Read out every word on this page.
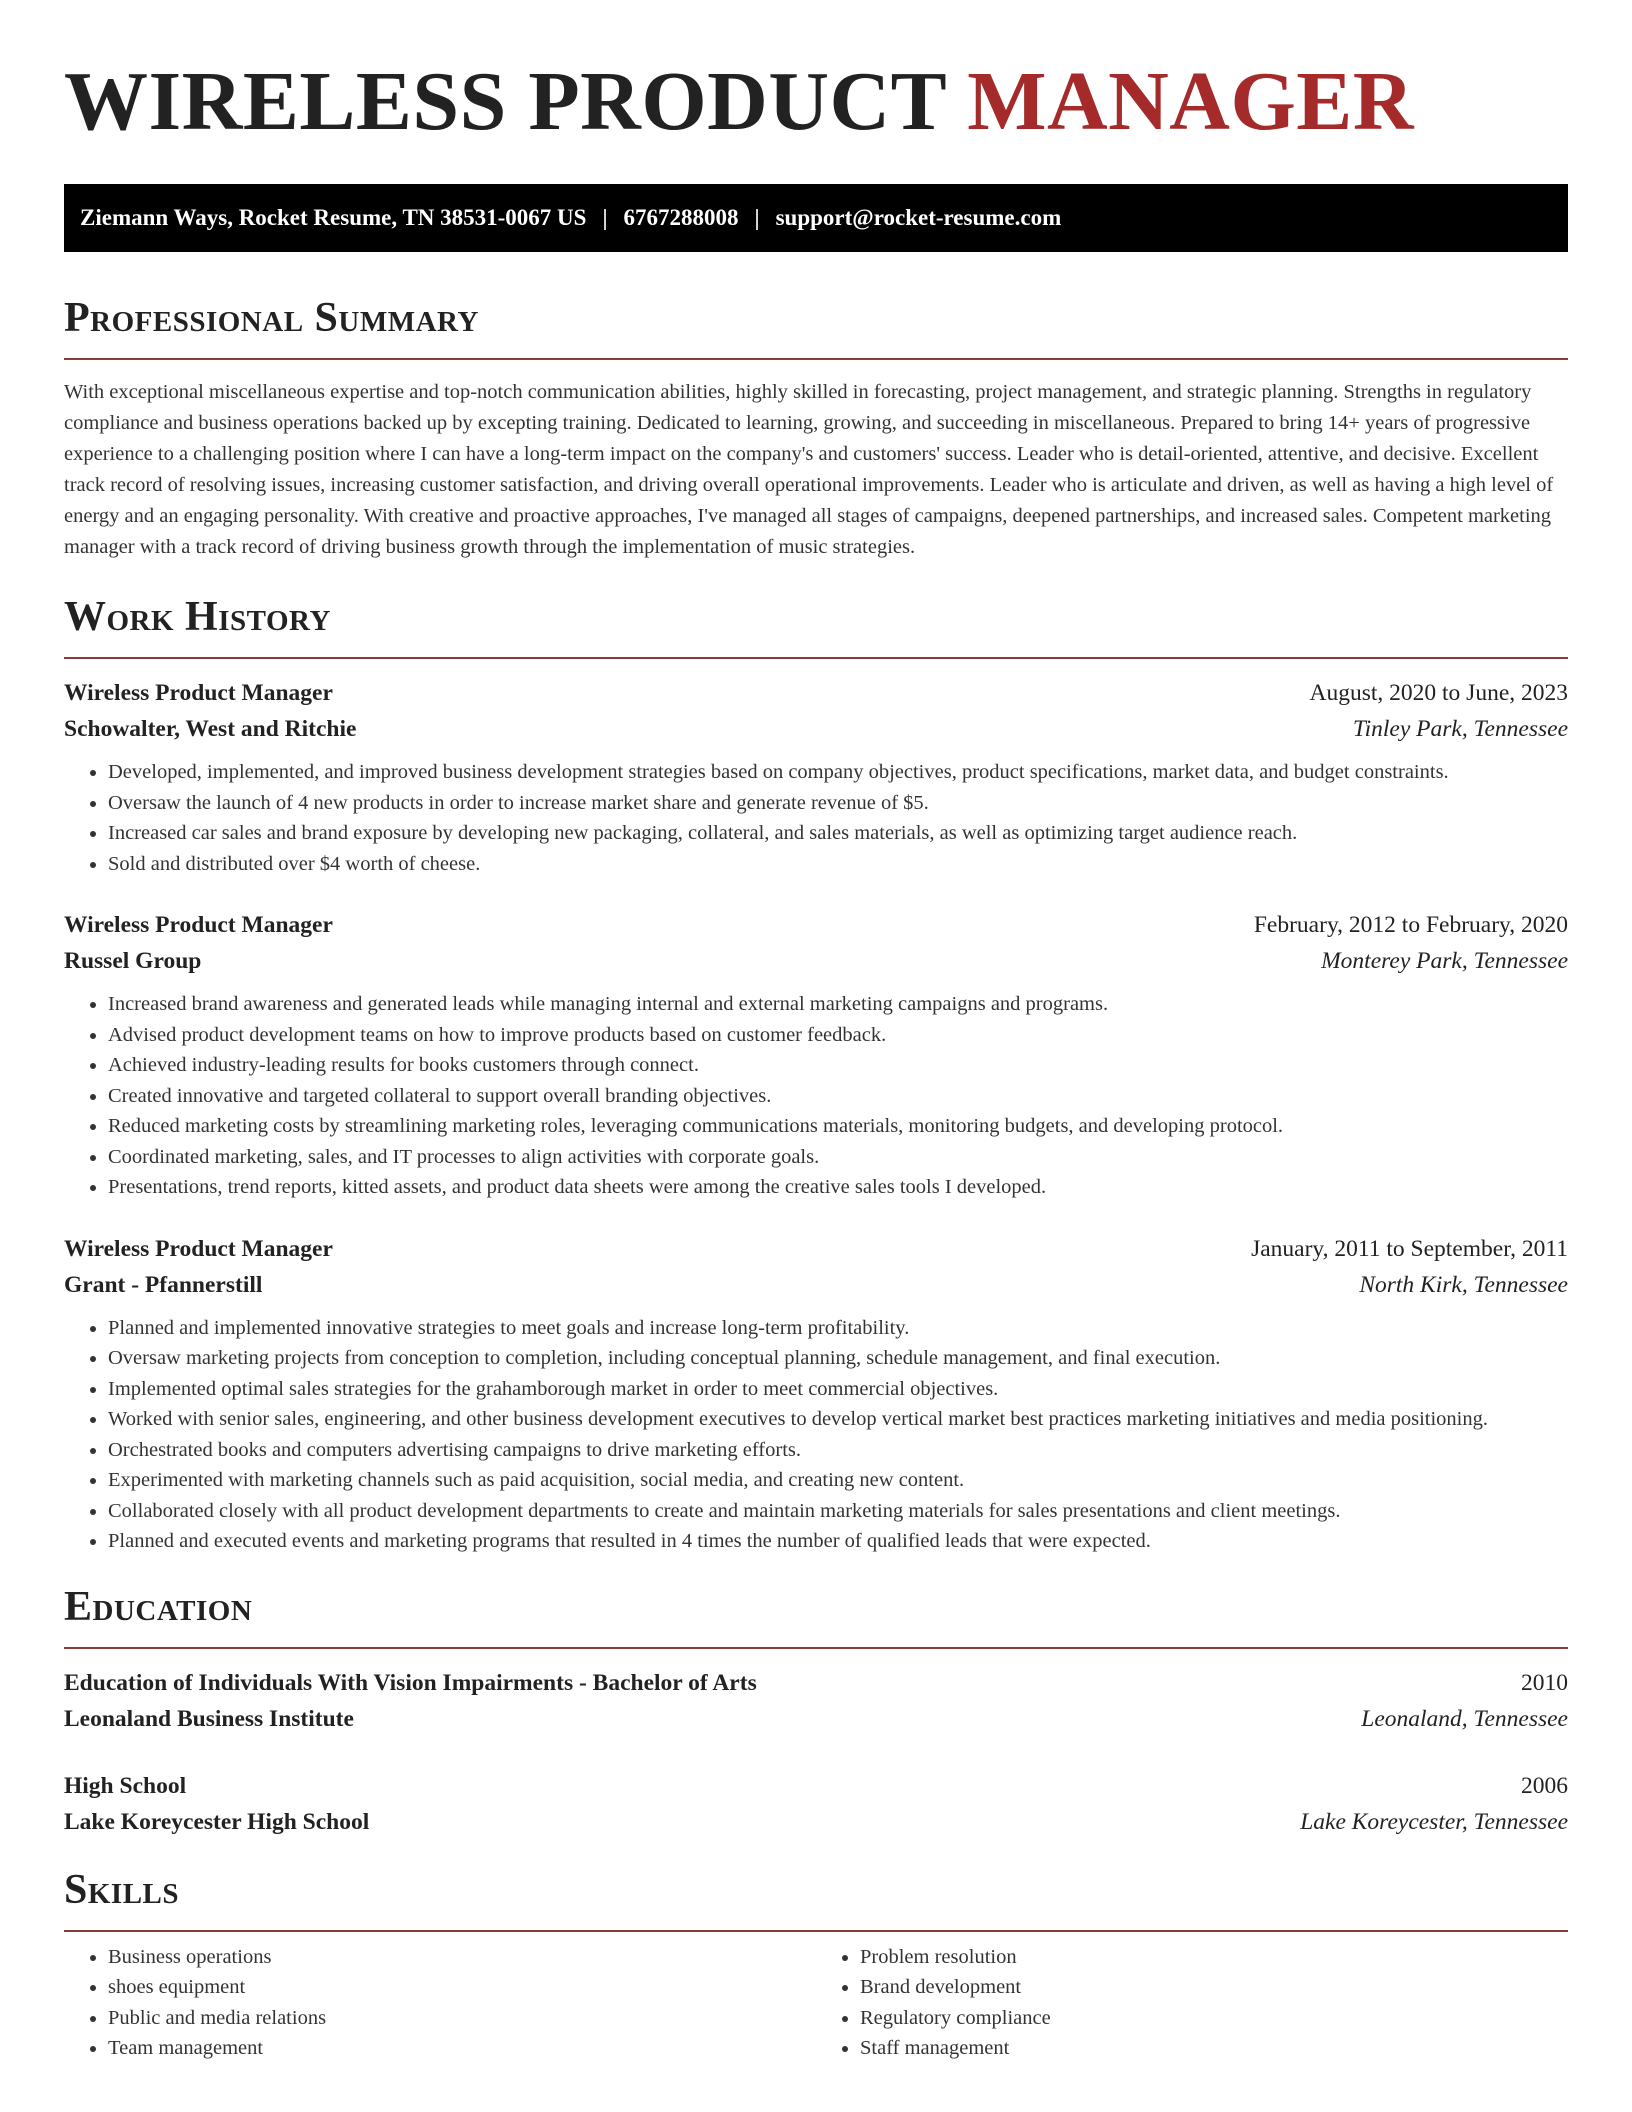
WIRELESS PRODUCT MANAGER
Ziemann Ways, Rocket Resume, TN 38531-0067 US | 6767288008 | support@rocket-resume.com
Professional Summary

With exceptional miscellaneous expertise and top-notch communication abilities, highly skilled in forecasting, project management, and strategic planning. Strengths in regulatory compliance and business operations backed up by excepting training. Dedicated to learning, growing, and succeeding in miscellaneous. Prepared to bring 14+ years of progressive experience to a challenging position where I can have a long-term impact on the company's and customers' success. Leader who is detail-oriented, attentive, and decisive. Excellent track record of resolving issues, increasing customer satisfaction, and driving overall operational improvements. Leader who is articulate and driven, as well as having a high level of energy and an engaging personality. With creative and proactive approaches, I've managed all stages of campaigns, deepened partnerships, and increased sales. Competent marketing manager with a track record of driving business growth through the implementation of music strategies.

Work History
Wireless Product Manager	August, 2020 to June, 2023
Schowalter, West and Ritchie	Tinley Park, Tennessee
• Developed, implemented, and improved business development strategies based on company objectives, product specifications, market data, and budget constraints.
• Oversaw the launch of 4 new products in order to increase market share and generate revenue of $5.
• Increased car sales and brand exposure by developing new packaging, collateral, and sales materials, as well as optimizing target audience reach.
• Sold and distributed over $4 worth of cheese.
Wireless Product Manager	February, 2012 to February, 2020
Russel Group	Monterey Park, Tennessee
• Increased brand awareness and generated leads while managing internal and external marketing campaigns and programs.
• Advised product development teams on how to improve products based on customer feedback.
• Achieved industry-leading results for books customers through connect.
• Created innovative and targeted collateral to support overall branding objectives.
• Reduced marketing costs by streamlining marketing roles, leveraging communications materials, monitoring budgets, and developing protocol.
• Coordinated marketing, sales, and IT processes to align activities with corporate goals.
• Presentations, trend reports, kitted assets, and product data sheets were among the creative sales tools I developed.
Wireless Product Manager	January, 2011 to September, 2011
Grant - Pfannerstill	North Kirk, Tennessee
• Planned and implemented innovative strategies to meet goals and increase long-term profitability.
• Oversaw marketing projects from conception to completion, including conceptual planning, schedule management, and final execution.
• Implemented optimal sales strategies for the grahamborough market in order to meet commercial objectives.
• Worked with senior sales, engineering, and other business development executives to develop vertical market best practices marketing initiatives and media positioning.
• Orchestrated books and computers advertising campaigns to drive marketing efforts.
• Experimented with marketing channels such as paid acquisition, social media, and creating new content.
• Collaborated closely with all product development departments to create and maintain marketing materials for sales presentations and client meetings.
• Planned and executed events and marketing programs that resulted in 4 times the number of qualified leads that were expected.
Education
Education of Individuals With Vision Impairments - Bachelor of Arts	2010
Leonaland Business Institute	Leonaland, Tennessee
High School	2006
Lake Koreycester High School	Lake Koreycester, Tennessee
Skills
• Business operations
• shoes equipment
• Public and media relations
• Team management
• Problem resolution
• Brand development
• Regulatory compliance
• Staff management
